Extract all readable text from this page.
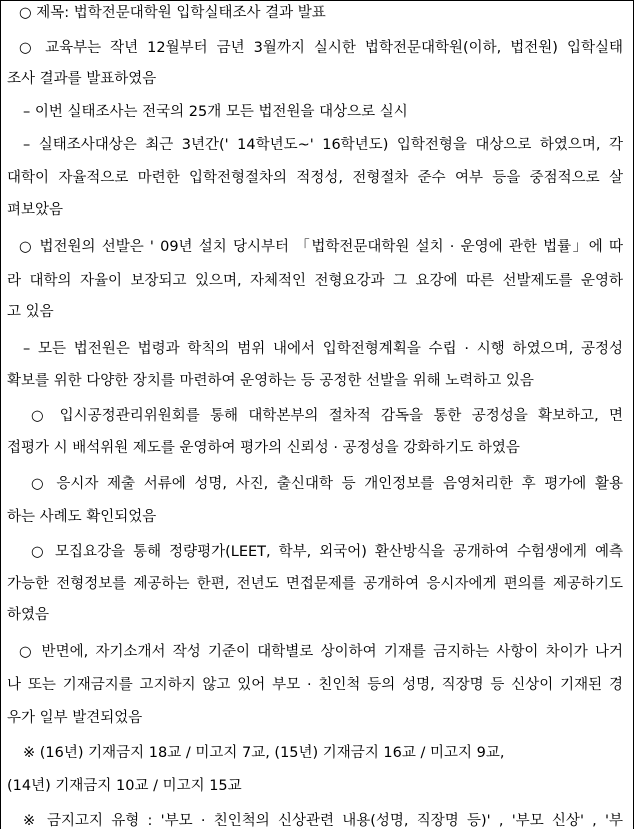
○ 제목: 법학전문대학원 입학실태조사 결과 발표
○ 교육부는 작년 12월부터 금년 3월까지 실시한 법학전문대학원(이하, 법전원) 입학실태
조사 결과를 발표하였음
– 이번 실태조사는 전국의 25개 모든 법전원을 대상으로 실시
– 실태조사대상은 최근 3년간(' 14학년도~' 16학년도) 입학전형을 대상으로 하였으며, 각
대학이 자율적으로 마련한 입학전형절차의 적정성, 전형절차 준수 여부 등을 중점적으로 살
펴보았음
○ 법전원의 선발은 ' 09년 설치 당시부터 「법학전문대학원 설치 · 운영에 관한 법률」에 따
라 대학의 자율이 보장되고 있으며, 자체적인 전형요강과 그 요강에 따른 선발제도를 운영하
고 있음
– 모든 법전원은 법령과 학칙의 범위 내에서 입학전형계획을 수립 · 시행 하였으며, 공정성
확보를 위한 다양한 장치를 마련하여 운영하는 등 공정한 선발을 위해 노력하고 있음
○ 입시공정관리위원회를 통해 대학본부의 절차적 감독을 통한 공정성을 확보하고, 면
접평가 시 배석위원 제도를 운영하여 평가의 신뢰성 · 공정성을 강화하기도 하였음
○ 응시자 제출 서류에 성명, 사진, 출신대학 등 개인정보를 음영처리한 후 평가에 활용
하는 사례도 확인되었음
○ 모집요강을 통해 정량평가(LEET, 학부, 외국어) 환산방식을 공개하여 수험생에게 예측
가능한 전형정보를 제공하는 한편, 전년도 면접문제를 공개하여 응시자에게 편의를 제공하기도
하였음
○ 반면에, 자기소개서 작성 기준이 대학별로 상이하여 기재를 금지하는 사항이 차이가 나거
나 또는 기재금지를 고지하지 않고 있어 부모 · 친인척 등의 성명, 직장명 등 신상이 기재된 경
우가 일부 발견되었음
※ (16년) 기재금지 18교 / 미고지 7교, (15년) 기재금지 16교 / 미고지 9교,
(14년) 기재금지 10교 / 미고지 15교
※ 금지고지 유형 : '부모 · 친인척의 신상관련 내용(성명, 직장명 등)' , '부모 신상' , '부
